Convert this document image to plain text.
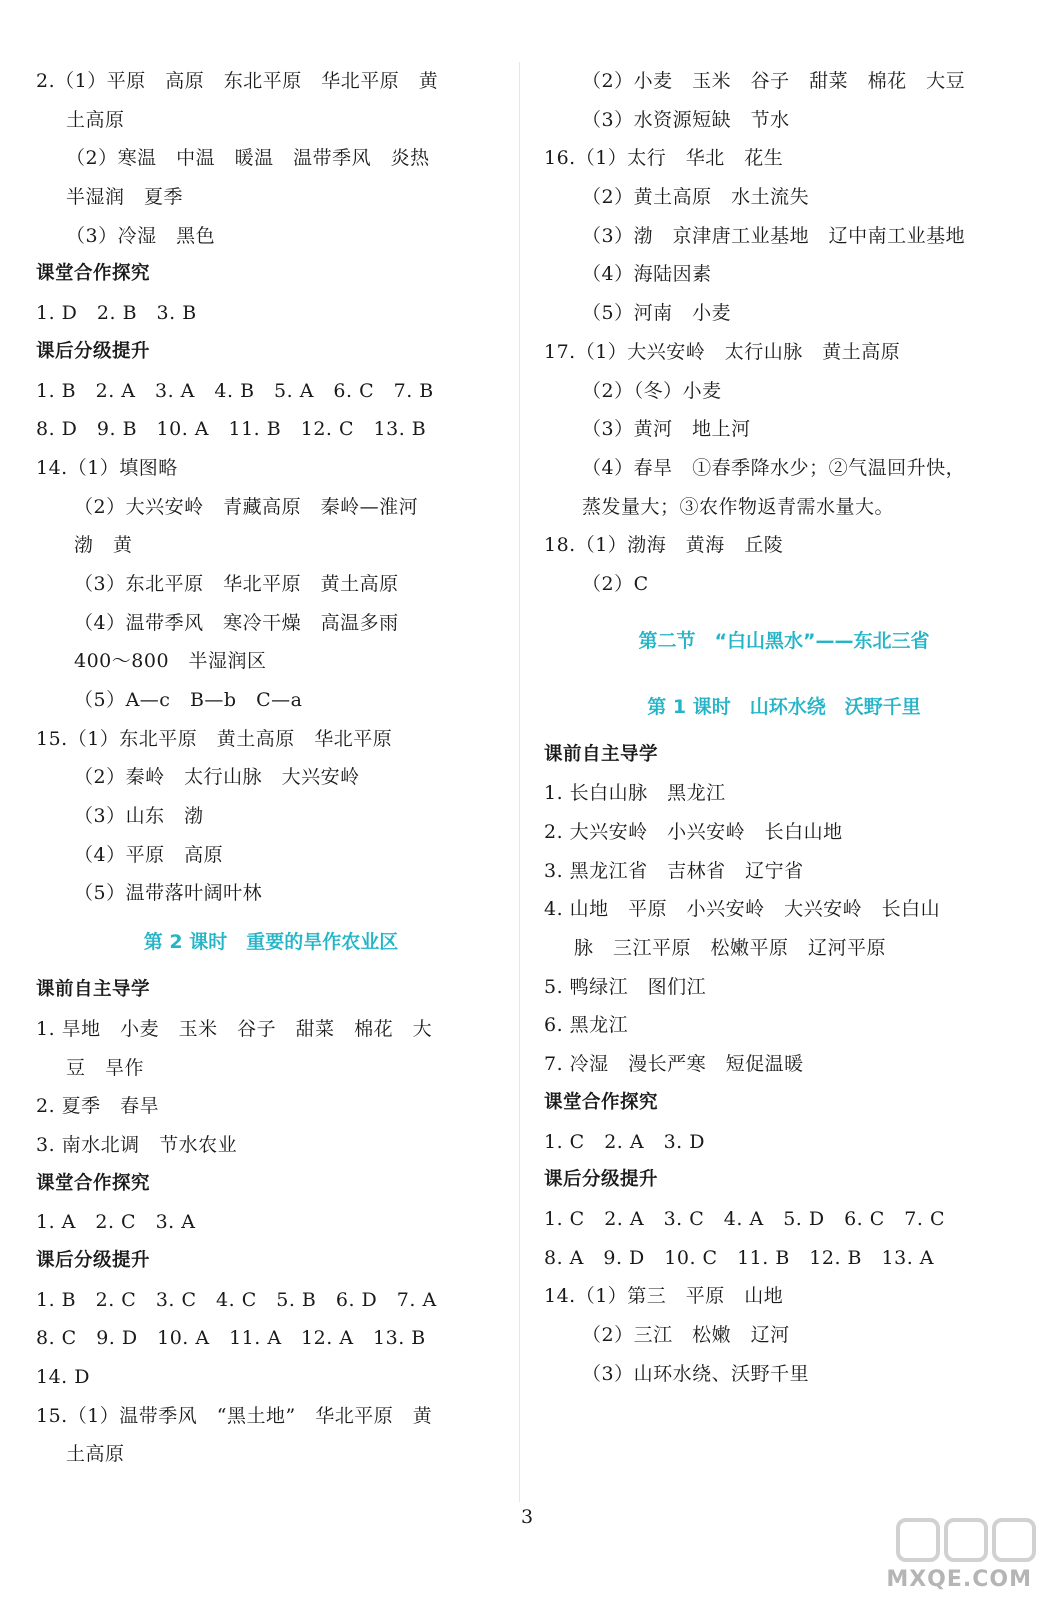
2.（1）平原　高原　东北平原　华北平原　黄
土高原
（2）寒温　中温　暖温　温带季风　炎热
半湿润　夏季
（3）冷湿　黑色
课堂合作探究
1. D　2. B　3. B
课后分级提升
1. B　2. A　3. A　4. B　5. A　6. C　7. B
8. D　9. B　10. A　11. B　12. C　13. B
14.（1）填图略
（2）大兴安岭　青藏高原　秦岭—淮河
渤　黄
（3）东北平原　华北平原　黄土高原
（4）温带季风　寒冷干燥　高温多雨
400～800　半湿润区
（5）A—c　B—b　C—a
15.（1）东北平原　黄土高原　华北平原
（2）秦岭　太行山脉　大兴安岭
（3）山东　渤
（4）平原　高原
（5）温带落叶阔叶林
第 2 课时　重要的旱作农业区
课前自主导学
1. 旱地　小麦　玉米　谷子　甜菜　棉花　大
豆　旱作
2. 夏季　春旱
3. 南水北调　节水农业
课堂合作探究
1. A　2. C　3. A
课后分级提升
1. B　2. C　3. C　4. C　5. B　6. D　7. A
8. C　9. D　10. A　11. A　12. A　13. B
14. D
15.（1）温带季风　“黑土地”　华北平原　黄
土高原
（2）小麦　玉米　谷子　甜菜　棉花　大豆
（3）水资源短缺　节水
16.（1）太行　华北　花生
（2）黄土高原　水土流失
（3）渤　京津唐工业基地　辽中南工业基地
（4）海陆因素
（5）河南　小麦
17.（1）大兴安岭　太行山脉　黄土高原
（2）（冬）小麦
（3）黄河　地上河
（4）春旱　①春季降水少；②气温回升快，
蒸发量大；③农作物返青需水量大。
18.（1）渤海　黄海　丘陵
（2）C
第二节　“白山黑水”——东北三省
第 1 课时　山环水绕　沃野千里
课前自主导学
1. 长白山脉　黑龙江
2. 大兴安岭　小兴安岭　长白山地
3. 黑龙江省　吉林省　辽宁省
4. 山地　平原　小兴安岭　大兴安岭　长白山
脉　三江平原　松嫩平原　辽河平原
5. 鸭绿江　图们江
6. 黑龙江
7. 冷湿　漫长严寒　短促温暖
课堂合作探究
1. C　2. A　3. D
课后分级提升
1. C　2. A　3. C　4. A　5. D　6. C　7. C
8. A　9. D　10. C　11. B　12. B　13. A
14.（1）第三　平原　山地
（2）三江　松嫩　辽河
（3）山环水绕、沃野千里
3
MXQE.COM
